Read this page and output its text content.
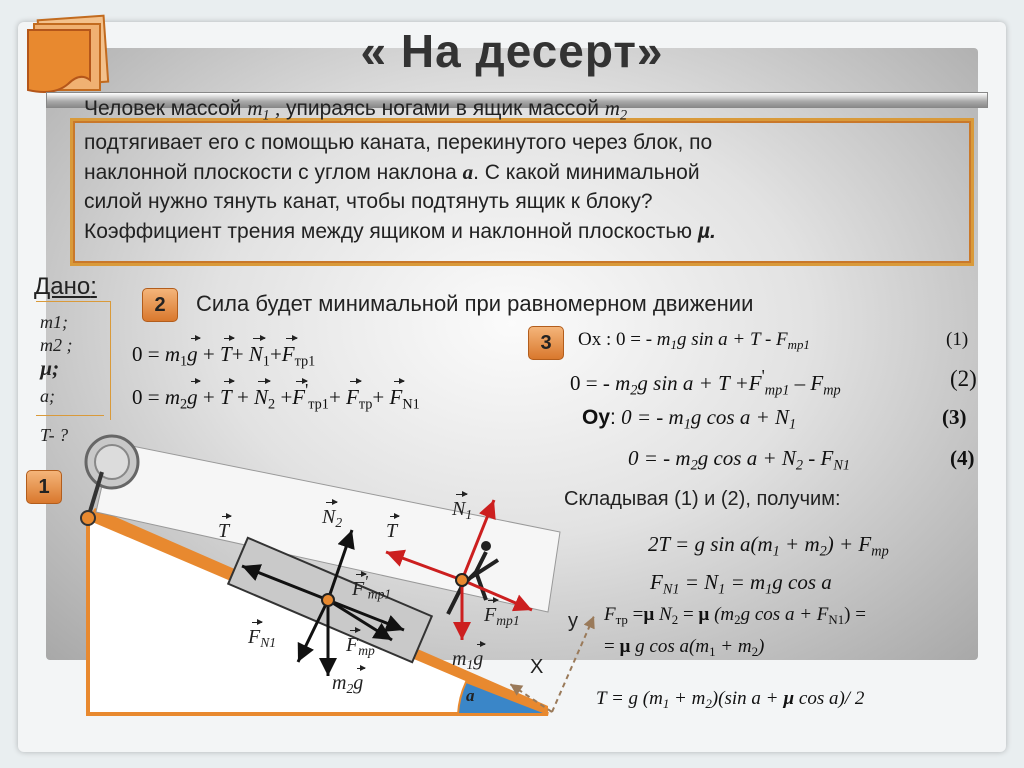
« На десерт»
Человек массой $m_1$ , упираясь ногами в ящик массой $m_2$
подтягивает его с помощью каната, перекинутого через блок, по
наклонной плоскости с углом наклона a. С какой минимальной
силой нужно тянуть канат, чтобы подтянуть ящик к блоку?
Коэффициент трения между ящиком и наклонной плоскостью µ.
Дано:
m1;
m2 ;
µ;
a;
T- ?
2
3
1
Сила будет минимальной при равномерном движении
$0 = m_1g + T+ N_1+F_{тр1}$
$0 = m_2g + T + N_2 +F'_{тр1}+ F_{тр}+ F_{N1}$
Ox : 0 = - $m_1g$ $\sin a + T - F_{тр1}$	(1)
0 = - $m_2g$ $\sin a + T +F'_{тр1} - F_{тр}$	(2)
Oy: 0 = - $m_1g$ $\cos a + N_1$	(3)
0 = - $m_2g$ $\cos a + N_2 - F_{N1}$	(4)
Складывая (1) и (2), получим:
2T = g $\sin a(m_1 + m_2) + F_{тр}$
$F_{N1} = N_1 = m_1g$ cos a
$F_{тр} =\mu$ $N_2 = \mu$ ($m_2g$ $\cos a + F_{N1}$) =
= µ g $\cos a(m_1 + m_2)$
T = g $(m_1 + m_2)(\sin$ a + µ cos a)/ 2
T
$N_2$ T
$N_1$
$F'_{тр1}$
$F_{тр1}$
$F_{N1}$	$F_{тр}$	$m_1g$
$m_2g$
у
X
a
